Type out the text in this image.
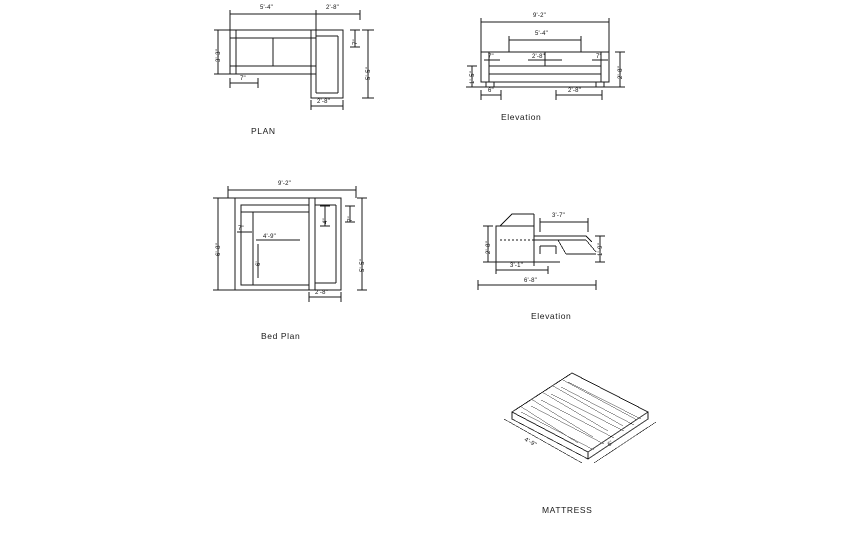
5'-4"	2'-8"
3'-3"
7"
5'-5"
7"
2'-8"
PLAN
9'-2"
5'-4"
7"	2'-8"	7"
1'-5"	2'-8"
6"	2'-8"
Elevation
9'-2"
6'-8"
7"
4'-9"
6'
4"	7"
5'-5"
2'-8"
Bed Plan
3'-7"
2'-8"	1'-9"
3'-1"
6'-8"
Elevation
4'-9"	6'
MATTRESS
